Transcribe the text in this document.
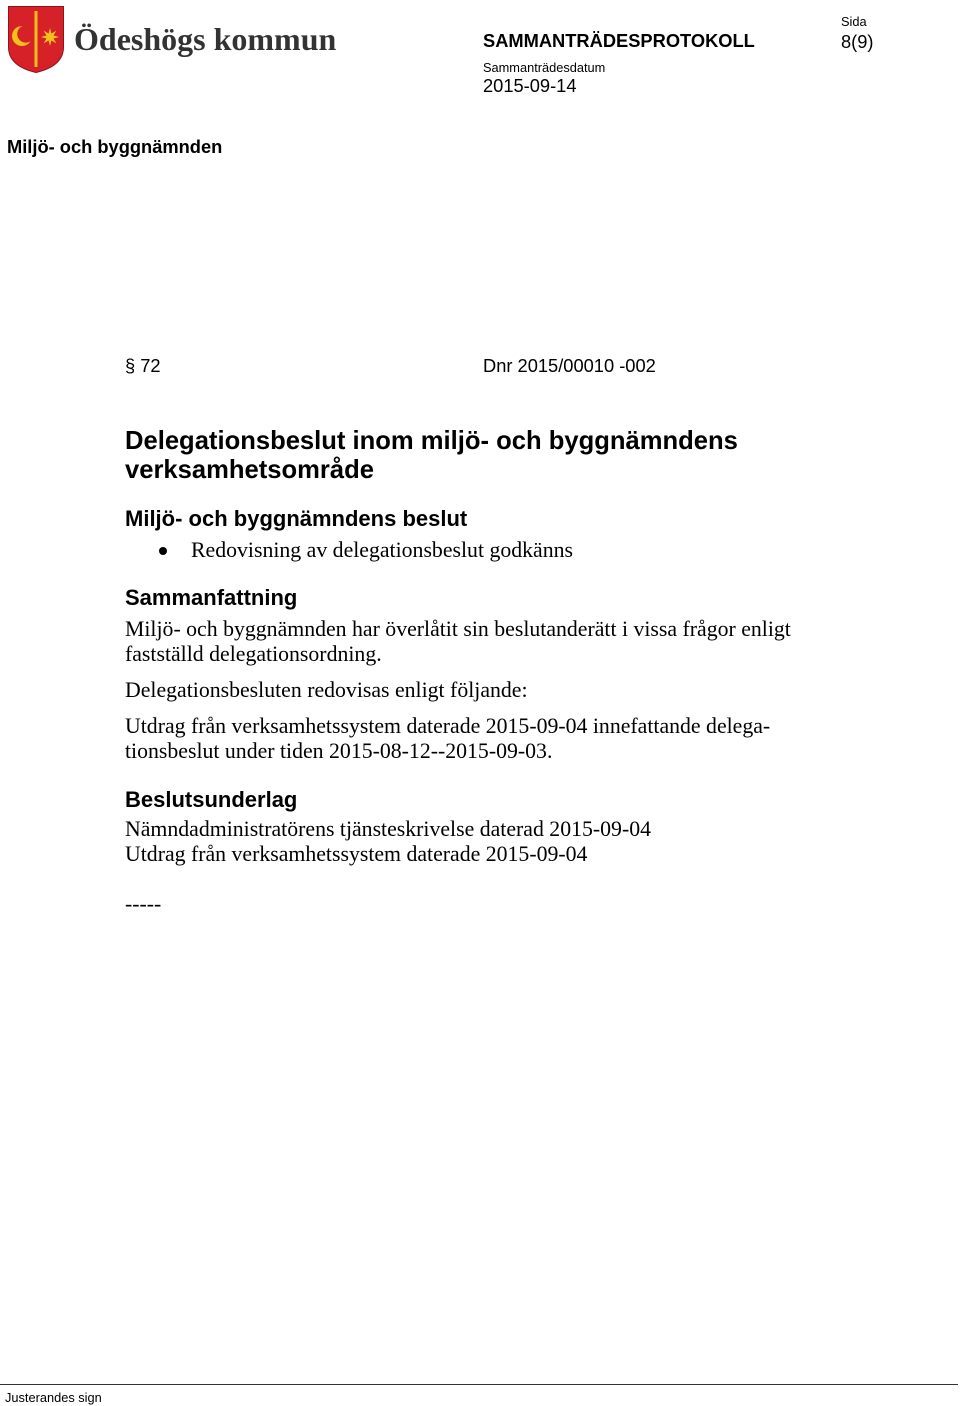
Ödeshögs kommun	SAMMANTRÄDESPROTOKOLL
Sida
8(9)
Sammanträdesdatum
2015-09-14
Miljö- och byggnämnden
§ 72	Dnr 2015/00010 -002
Delegationsbeslut inom miljö- och byggnämndens
verksamhetsområde
Miljö- och byggnämndens beslut
Redovisning av delegationsbeslut godkänns
Sammanfattning
Miljö- och byggnämnden har överlåtit sin beslutanderätt i vissa frågor enligt
fastställd delegationsordning.
Delegationsbesluten redovisas enligt följande:
Utdrag från verksamhetssystem daterade 2015-09-04 innefattande delega-
tionsbeslut under tiden 2015-08-12--2015-09-03.
Beslutsunderlag
Nämndadministratörens tjänsteskrivelse daterad 2015-09-04
Utdrag från verksamhetssystem daterade 2015-09-04
-----
Justerandes sign
